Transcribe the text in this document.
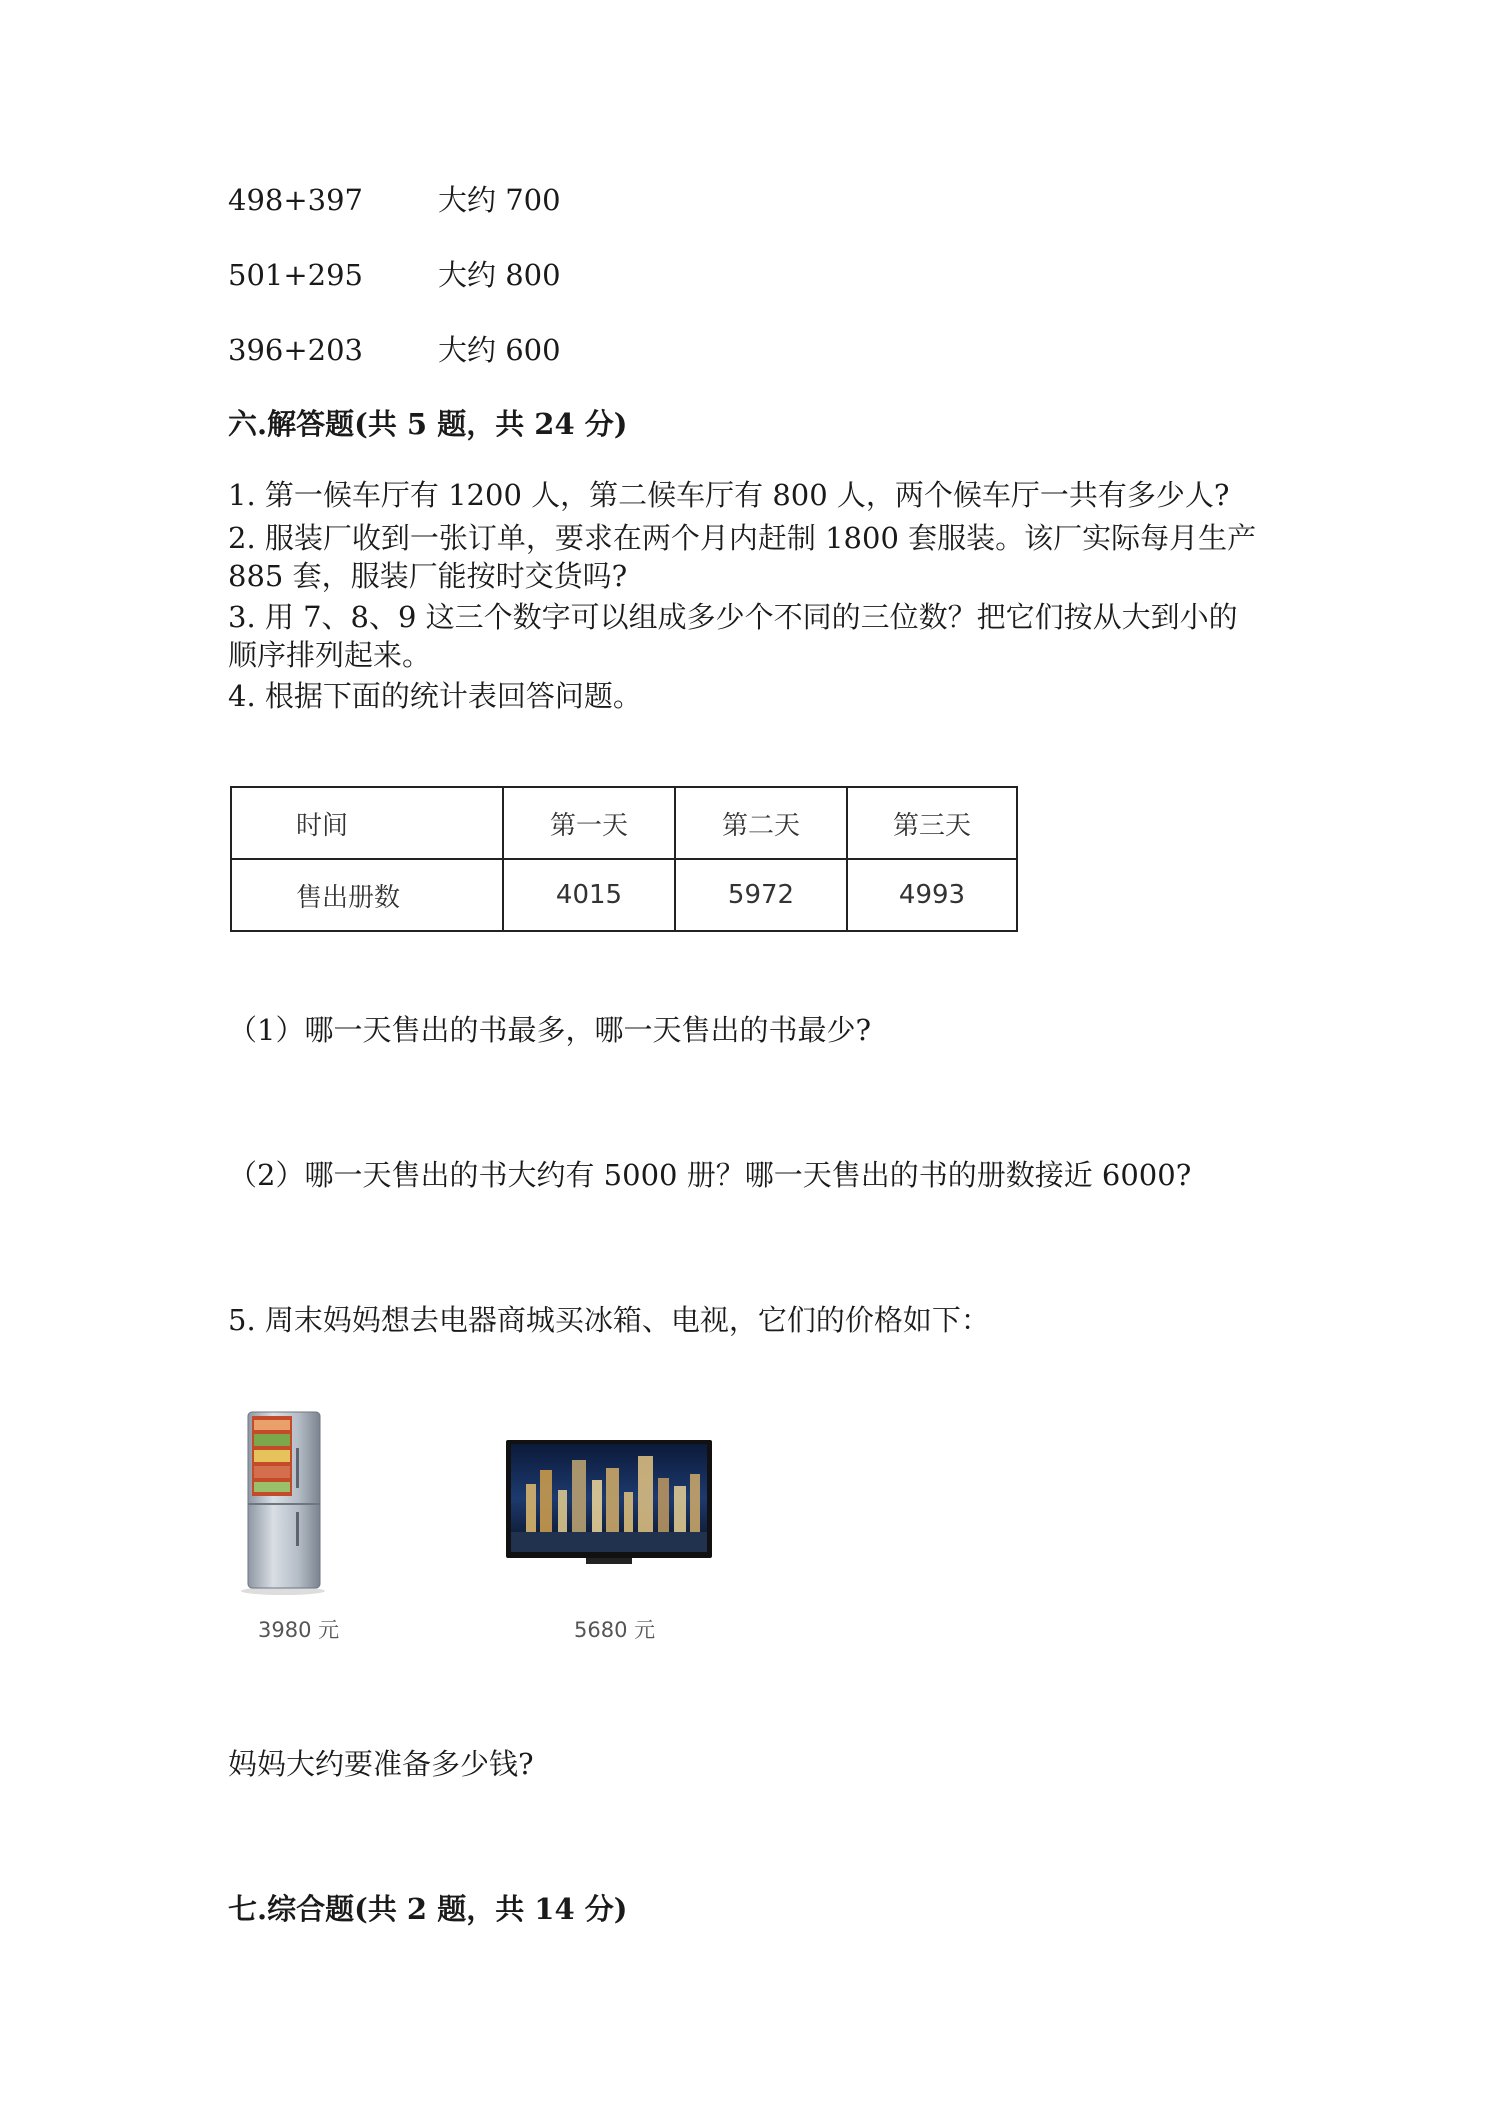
498+397	大约 700
501+295	大约 800
396+203	大约 600
六.解答题(共 5 题，共 24 分)
1. 第一候车厅有 1200 人，第二候车厅有 800 人，两个候车厅一共有多少人?
2. 服装厂收到一张订单，要求在两个月内赶制 1800 套服装。该厂实际每月生产
885 套，服装厂能按时交货吗?
3. 用 7、8、9 这三个数字可以组成多少个不同的三位数？把它们按从大到小的
顺序排列起来。
4. 根据下面的统计表回答问题。
时间	第一天	第二天	第三天
售出册数	4015	5972	4993
（1）哪一天售出的书最多，哪一天售出的书最少?
（2）哪一天售出的书大约有 5000 册？哪一天售出的书的册数接近 6000?
5. 周末妈妈想去电器商城买冰箱、电视，它们的价格如下：
3980 元	5680 元
妈妈大约要准备多少钱?
七.综合题(共 2 题，共 14 分)
